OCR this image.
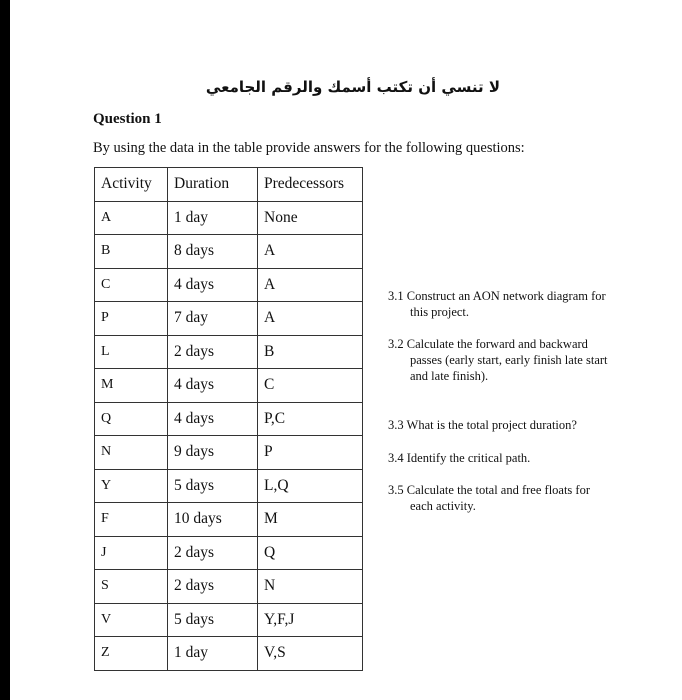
لا تنسي أن تكتب أسمك والرقم الجامعي
Question 1
By using the data in the table provide answers for the following questions:
Activity	Duration	Predecessors
A	1 day	None
B	8 days	A
C	4 days	A
P	7 day	A
L	2 days	B
M	4 days	C
Q	4 days	P,C
N	9 days	P
Y	5 days	L,Q
F	10 days	M
J	2 days	Q
S	2 days	N
V	5 days	Y,F,J
Z	1 day	V,S
3.1 Construct an AON network diagram for
this project.
3.2 Calculate the forward and backward
passes (early start, early finish late start
and late finish).
3.3 What is the total project duration?
3.4 Identify the critical path.
3.5 Calculate the total and free floats for
each activity.
